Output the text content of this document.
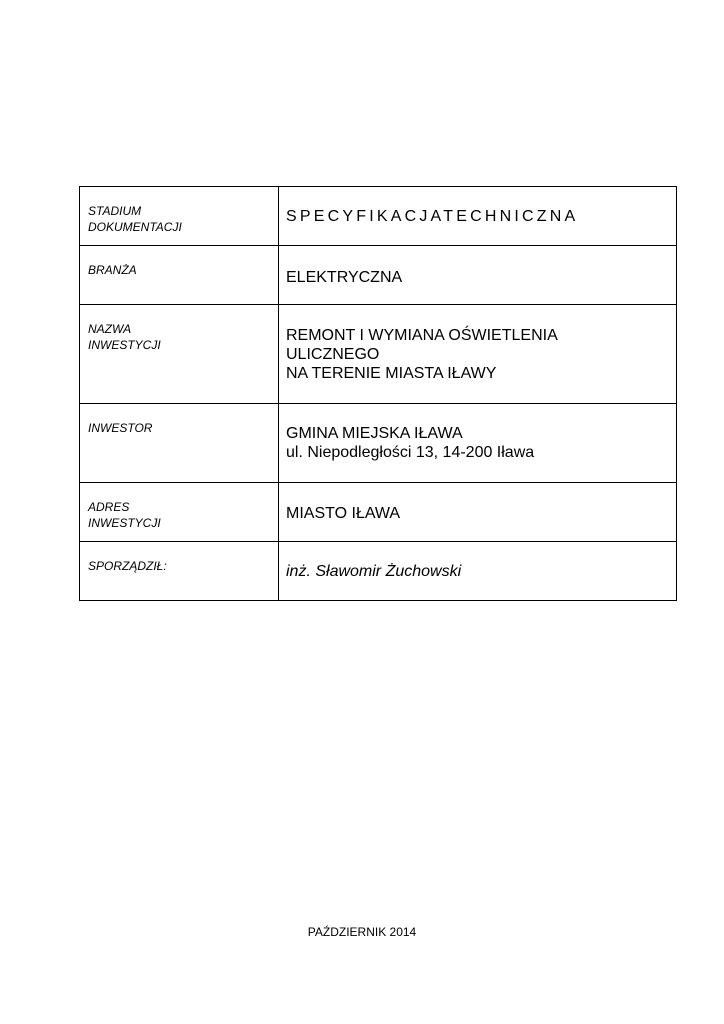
STADIUM
DOKUMENTACJI	SPECYFIKACJATECHNICZNA

BRANŻA	ELEKTRYCZNA

NAZWA
INWESTYCJI	REMONT I WYMIANA OŚWIETLENIA
ULICZNEGO
NA TERENIE MIASTA IŁAWY

INWESTOR	GMINA MIEJSKA IŁAWA
ul. Niepodległości 13, 14-200 Iława

ADRES
INWESTYCJI	MIASTO IŁAWA

SPORZĄDZIŁ:	inż. Sławomir Żuchowski
PAŹDZIERNIK 2014
